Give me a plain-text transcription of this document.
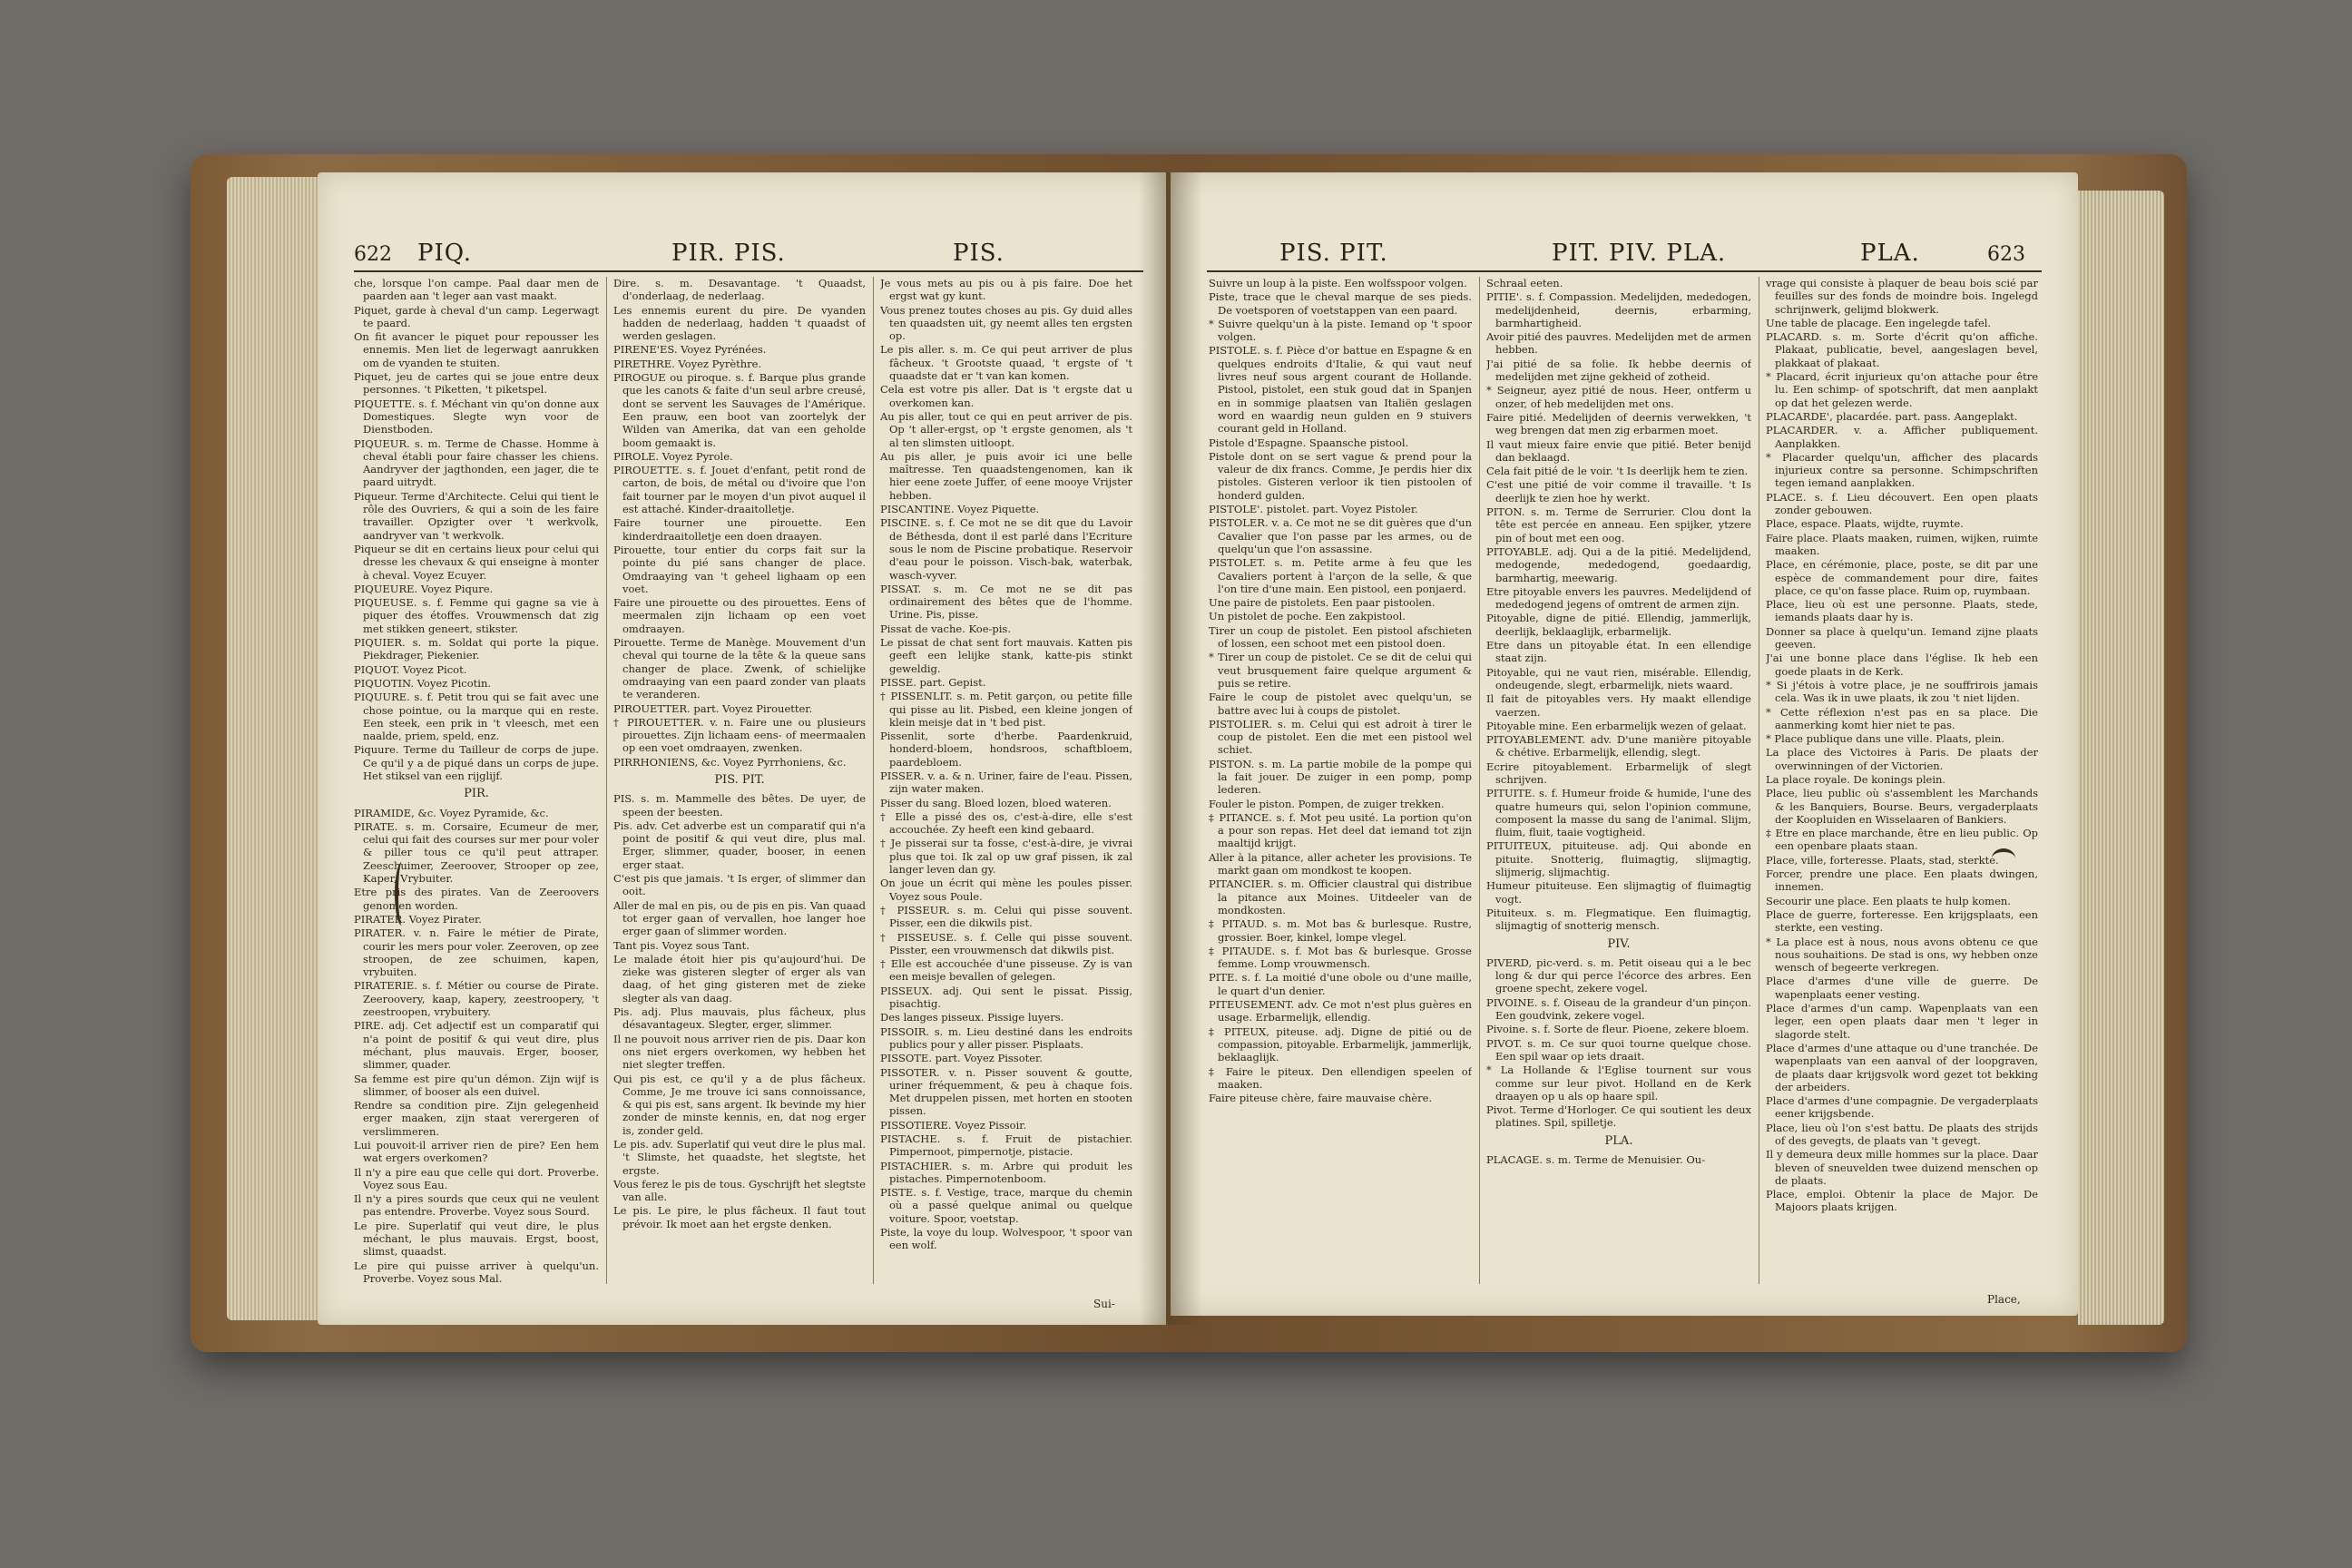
622 PIQ.	PIR. PIS.	PIS.

che, lorsque l'on campe. Paal daar men de paarden aan 't leger aan vast maakt.

Piquet, garde à cheval d'un camp. Legerwagt te paard.

On fit avancer le piquet pour repousser les ennemis. Men liet de legerwagt aanrukken om de vyanden te stuiten.

Piquet, jeu de cartes qui se joue entre deux personnes. 't Piketten, 't piketspel.

PIQUETTE. s. f. Méchant vin qu'on donne aux Domestiques. Slegte wyn voor de Dienstboden.

PIQUEUR. s. m. Terme de Chasse. Homme à cheval établi pour faire chasser les chiens. Aandryver der jagthonden, een jager, die te paard uitrydt.

Piqueur. Terme d'Architecte. Celui qui tient le rôle des Ouvriers, & qui a soin de les faire travailler. Opzigter over 't werkvolk, aandryver van 't werkvolk.

Piqueur se dit en certains lieux pour celui qui dresse les chevaux & qui enseigne à monter à cheval. Voyez Ecuyer.

PIQUEURE. Voyez Piqure.

PIQUEUSE. s. f. Femme qui gagne sa vie à piquer des étoffes. Vrouwmensch dat zig met stikken geneert, stikster.

PIQUIER. s. m. Soldat qui porte la pique. Piekdrager, Piekenier.

PIQUOT. Voyez Picot.

PIQUOTIN. Voyez Picotin.

PIQUURE. s. f. Petit trou qui se fait avec une chose pointue, ou la marque qui en reste. Een steek, een prik in 't vleesch, met een naalde, priem, speld, enz.

Piquure. Terme du Tailleur de corps de jupe. Ce qu'il y a de piqué dans un corps de jupe. Het stiksel van een rijglijf.

PIR.

PIRAMIDE, &c. Voyez Pyramide, &c.

PIRATE. s. m. Corsaire, Ecumeur de mer, celui qui fait des courses sur mer pour voler & piller tous ce qu'il peut attraper. Zeeschuimer, Zeeroover, Strooper op zee, Kaper, Vrybuiter.

Etre pris des pirates. Van de Zeeroovers genomen worden.

PIRATER. Voyez Pirater.

PIRATER. v. n. Faire le métier de Pirate, courir les mers pour voler. Zeeroven, op zee stroopen, de zee schuimen, kapen, vrybuiten.

PIRATERIE. s. f. Métier ou course de Pirate. Zeeroovery, kaap, kapery, zeestroopery, 't zeestroopen, vrybuitery.

PIRE. adj. Cet adjectif est un comparatif qui n'a point de positif & qui veut dire, plus méchant, plus mauvais. Erger, booser, slimmer, quader.

Sa femme est pire qu'un démon. Zijn wijf is slimmer, of booser als een duivel.

Rendre sa condition pire. Zijn gelegenheid erger maaken, zijn staat verergeren of verslimmeren.

Lui pouvoit-il arriver rien de pire? Een hem wat ergers overkomen?

Il n'y a pire eau que celle qui dort. Proverbe. Voyez sous Eau.

Il n'y a pires sourds que ceux qui ne veulent pas entendre. Proverbe. Voyez sous Sourd.

Le pire. Superlatif qui veut dire, le plus méchant, le plus mauvais. Ergst, boost, slimst, quaadst.

Le pire qui puisse arriver à quelqu'un. Proverbe. Voyez sous Mal.

Dire. s. m. Desavantage. 't Quaadst, d'onderlaag, de nederlaag.

Les ennemis eurent du pire. De vyanden hadden de nederlaag, hadden 't quaadst of werden geslagen.

PIRENE'ES. Voyez Pyrénées.

PIRETHRE. Voyez Pyrèthre.

PIROGUE ou piroque. s. f. Barque plus grande que les canots & faite d'un seul arbre creusé, dont se servent les Sauvages de l'Amérique. Een prauw, een boot van zoortelyk der Wilden van Amerika, dat van een geholde boom gemaakt is.

PIROLE. Voyez Pyrole.

PIROUETTE. s. f. Jouet d'enfant, petit rond de carton, de bois, de métal ou d'ivoire que l'on fait tourner par le moyen d'un pivot auquel il est attaché. Kinder-draaitolletje.

Faire tourner une pirouette. Een kinderdraaitolletje een doen draayen.

Pirouette, tour entier du corps fait sur la pointe du pié sans changer de place. Omdraaying van 't geheel lighaam op een voet.

Faire une pirouette ou des pirouettes. Eens of meermalen zijn lichaam op een voet omdraayen.

Pirouette. Terme de Manège. Mouvement d'un cheval qui tourne de la tête & la queue sans changer de place. Zwenk, of schielijke omdraaying van een paard zonder van plaats te veranderen.

PIROUETTER. part. Voyez Pirouetter.

† PIROUETTER. v. n. Faire une ou plusieurs pirouettes. Zijn lichaam eens- of meermaalen op een voet omdraayen, zwenken.

PIRRHONIENS, &c. Voyez Pyrrhoniens, &c.

PIS. PIT.

PIS. s. m. Mammelle des bêtes. De uyer, de speen der beesten.

Pis. adv. Cet adverbe est un comparatif qui n'a point de positif & qui veut dire, plus mal. Erger, slimmer, quader, booser, in eenen erger staat.

C'est pis que jamais. 't Is erger, of slimmer dan ooit.

Aller de mal en pis, ou de pis en pis. Van quaad tot erger gaan of vervallen, hoe langer hoe erger gaan of slimmer worden.

Tant pis. Voyez sous Tant.

Le malade étoit hier pis qu'aujourd'hui. De zieke was gisteren slegter of erger als van daag, of het ging gisteren met de zieke slegter als van daag.

Pis. adj. Plus mauvais, plus fâcheux, plus désavantageux. Slegter, erger, slimmer.

Il ne pouvoit nous arriver rien de pis. Daar kon ons niet ergers overkomen, wy hebben het niet slegter treffen.

Qui pis est, ce qu'il y a de plus fâcheux. Comme, Je me trouve ici sans connoissance, & qui pis est, sans argent. Ik bevinde my hier zonder de minste kennis, en, dat nog erger is, zonder geld.

Le pis. adv. Superlatif qui veut dire le plus mal. 't Slimste, het quaadste, het slegtste, het ergste.

Vous ferez le pis de tous. Gyschrijft het slegtste van alle.

Le pis. Le pire, le plus fâcheux. Il faut tout prévoir. Ik moet aan het ergste denken.

Je vous mets au pis ou à pis faire. Doe het ergst wat gy kunt.

Vous prenez toutes choses au pis. Gy duid alles ten quaadsten uit, gy neemt alles ten ergsten op.

Le pis aller. s. m. Ce qui peut arriver de plus fâcheux. 't Grootste quaad, 't ergste of 't quaadste dat er 't van kan komen.

Cela est votre pis aller. Dat is 't ergste dat u overkomen kan.

Au pis aller, tout ce qui en peut arriver de pis. Op 't aller-ergst, op 't ergste genomen, als 't al ten slimsten uitloopt.

Au pis aller, je puis avoir ici une belle maîtresse. Ten quaadstengenomen, kan ik hier eene zoete Juffer, of eene mooye Vrijster hebben.

PISCANTINE. Voyez Piquette.

PISCINE. s. f. Ce mot ne se dit que du Lavoir de Béthesda, dont il est parlé dans l'Ecriture sous le nom de Piscine probatique. Reservoir d'eau pour le poisson. Visch-bak, waterbak, wasch-vyver.

PISSAT. s. m. Ce mot ne se dit pas ordinairement des bêtes que de l'homme. Urine. Pis, pisse.

Pissat de vache. Koe-pis.

Le pissat de chat sent fort mauvais. Katten pis geeft een lelijke stank, katte-pis stinkt geweldig.

PISSE. part. Gepist.

† PISSENLIT. s. m. Petit garçon, ou petite fille qui pisse au lit. Pisbed, een kleine jongen of klein meisje dat in 't bed pist.

Pissenlit, sorte d'herbe. Paardenkruid, honderd-bloem, hondsroos, schaftbloem, paardebloem.

PISSER. v. a. & n. Uriner, faire de l'eau. Pissen, zijn water maken.

Pisser du sang. Bloed lozen, bloed wateren.

† Elle a pissé des os, c'est-à-dire, elle s'est accouchée. Zy heeft een kind gebaard.

† Je pisserai sur ta fosse, c'est-à-dire, je vivrai plus que toi. Ik zal op uw graf pissen, ik zal langer leven dan gy.

On joue un écrit qui mène les poules pisser. Voyez sous Poule.

† PISSEUR. s. m. Celui qui pisse souvent. Pisser, een die dikwils pist.

† PISSEUSE. s. f. Celle qui pisse souvent. Pisster, een vrouwmensch dat dikwils pist.

† Elle est accouchée d'une pisseuse. Zy is van een meisje bevallen of gelegen.

PISSEUX. adj. Qui sent le pissat. Pissig, pisachtig.

Des langes pisseux. Pissige luyers.

PISSOIR. s. m. Lieu destiné dans les endroits publics pour y aller pisser. Pisplaats.

PISSOTE. part. Voyez Pissoter.

PISSOTER. v. n. Pisser souvent & goutte, uriner fréquemment, & peu à chaque fois. Met druppelen pissen, met horten en stooten pissen.

PISSOTIERE. Voyez Pissoir.

PISTACHE. s. f. Fruit de pistachier. Pimpernoot, pimpernotje, pistacie.

PISTACHIER. s. m. Arbre qui produit les pistaches. Pimpernotenboom.

PISTE. s. f. Vestige, trace, marque du chemin où a passé quelque animal ou quelque voiture. Spoor, voetstap.

Piste, la voye du loup. Wolvespoor, 't spoor van een wolf.

Sui-
PIS. PIT.	PIT. PIV. PLA.	PLA.	623

Suivre un loup à la piste. Een wolfsspoor volgen.

Piste, trace que le cheval marque de ses pieds. De voetsporen of voetstappen van een paard.

* Suivre quelqu'un à la piste. Iemand op 't spoor volgen.

PISTOLE. s. f. Pièce d'or battue en Espagne & en quelques endroits d'Italie, & qui vaut neuf livres neuf sous argent courant de Hollande. Pistool, pistolet, een stuk goud dat in Spanjen en in sommige plaatsen van Italiën geslagen word en waardig neun gulden en 9 stuivers courant geld in Holland.

Pistole d'Espagne. Spaansche pistool.

Pistole dont on se sert vague & prend pour la valeur de dix francs. Comme, Je perdis hier dix pistoles. Gisteren verloor ik tien pistoolen of honderd gulden.

PISTOLE'. pistolet. part. Voyez Pistoler.

PISTOLER. v. a. Ce mot ne se dit guères que d'un Cavalier que l'on passe par les armes, ou de quelqu'un que l'on assassine.

PISTOLET. s. m. Petite arme à feu que les Cavaliers portent à l'arçon de la selle, & que l'on tire d'une main. Een pistool, een ponjaerd.

Une paire de pistolets. Een paar pistoolen.

Un pistolet de poche. Een zakpistool.

Tirer un coup de pistolet. Een pistool afschieten of lossen, een schoot met een pistool doen.

* Tirer un coup de pistolet. Ce se dit de celui qui veut brusquement faire quelque argument & puis se retire.

Faire le coup de pistolet avec quelqu'un, se battre avec lui à coups de pistolet.

PISTOLIER. s. m. Celui qui est adroit à tirer le coup de pistolet. Een die met een pistool wel schiet.

PISTON. s. m. La partie mobile de la pompe qui la fait jouer. De zuiger in een pomp, pomp lederen.

Fouler le piston. Pompen, de zuiger trekken.

‡ PITANCE. s. f. Mot peu usité. La portion qu'on a pour son repas. Het deel dat iemand tot zijn maaltijd krijgt.

Aller à la pitance, aller acheter les provisions. Te markt gaan om mondkost te koopen.

PITANCIER. s. m. Officier claustral qui distribue la pitance aux Moines. Uitdeeler van de mondkosten.

‡ PITAUD. s. m. Mot bas & burlesque. Rustre, grossier. Boer, kinkel, lompe vlegel.

‡ PITAUDE. s. f. Mot bas & burlesque. Grosse femme. Lomp vrouwmensch.

PITE. s. f. La moitié d'une obole ou d'une maille, le quart d'un denier.

PITEUSEMENT. adv. Ce mot n'est plus guères en usage. Erbarmelijk, ellendig.

‡ PITEUX, piteuse. adj. Digne de pitié ou de compassion, pitoyable. Erbarmelijk, jammerlijk, beklaaglijk.

‡ Faire le piteux. Den ellendigen speelen of maaken.

Faire piteuse chère, faire mauvaise chère.

Schraal eeten.

PITIE'. s. f. Compassion. Medelijden, mededogen, medelijdenheid, deernis, erbarming, barmhartigheid.

Avoir pitié des pauvres. Medelijden met de armen hebben.

J'ai pitié de sa folie. Ik hebbe deernis of medelijden met zijne gekheid of zotheid.

* Seigneur, ayez pitié de nous. Heer, ontferm u onzer, of heb medelijden met ons.

Faire pitié. Medelijden of deernis verwekken, 't weg brengen dat men zig erbarmen moet.

Il vaut mieux faire envie que pitié. Beter benijd dan beklaagd.

Cela fait pitié de le voir. 't Is deerlijk hem te zien.

C'est une pitié de voir comme il travaille. 't Is deerlijk te zien hoe hy werkt.

PITON. s. m. Terme de Serrurier. Clou dont la tête est percée en anneau. Een spijker, ytzere pin of bout met een oog.

PITOYABLE. adj. Qui a de la pitié. Medelijdend, medogende, mededogend, goedaardig, barmhartig, meewarig.

Etre pitoyable envers les pauvres. Medelijdend of mededogend jegens of omtrent de armen zijn.

Pitoyable, digne de pitié. Ellendig, jammerlijk, deerlijk, beklaaglijk, erbarmelijk.

Etre dans un pitoyable état. In een ellendige staat zijn.

Pitoyable, qui ne vaut rien, misérable. Ellendig, ondeugende, slegt, erbarmelijk, niets waard.

Il fait de pitoyables vers. Hy maakt ellendige vaerzen.

Pitoyable mine. Een erbarmelijk wezen of gelaat.

PITOYABLEMENT. adv. D'une manière pitoyable & chétive. Erbarmelijk, ellendig, slegt.

Ecrire pitoyablement. Erbarmelijk of slegt schrijven.

PITUITE. s. f. Humeur froide & humide, l'une des quatre humeurs qui, selon l'opinion commune, composent la masse du sang de l'animal. Slijm, fluim, fluit, taaie vogtigheid.

PITUITEUX, pituiteuse. adj. Qui abonde en pituite. Snotterig, fluimagtig, slijmagtig, slijmerig, slijmachtig.

Humeur pituiteuse. Een slijmagtig of fluimagtig vogt.

Pituiteux. s. m. Flegmatique. Een fluimagtig, slijmagtig of snotterig mensch.

PIV.

PIVERD, pic-verd. s. m. Petit oiseau qui a le bec long & dur qui perce l'écorce des arbres. Een groene specht, zekere vogel.

PIVOINE. s. f. Oiseau de la grandeur d'un pinçon. Een goudvink, zekere vogel.

Pivoine. s. f. Sorte de fleur. Pioene, zekere bloem.

PIVOT. s. m. Ce sur quoi tourne quelque chose. Een spil waar op iets draait.

* La Hollande & l'Eglise tournent sur vous comme sur leur pivot. Holland en de Kerk draayen op u als op haare spil.

Pivot. Terme d'Horloger. Ce qui soutient les deux platines. Spil, spilletje.

PLA.

PLACAGE. s. m. Terme de Menuisier. Ou-

vrage qui consiste à plaquer de beau bois scié par feuilles sur des fonds de moindre bois. Ingelegd schrijnwerk, gelijmd blokwerk.

Une table de placage. Een ingelegde tafel.

PLACARD. s. m. Sorte d'écrit qu'on affiche. Plakaat, publicatie, bevel, aangeslagen bevel, plakkaat of plakaat.

* Placard, écrit injurieux qu'on attache pour être lu. Een schimp- of spotschrift, dat men aanplakt op dat het gelezen werde.

PLACARDE', placardée. part. pass. Aangeplakt.

PLACARDER. v. a. Afficher publiquement. Aanplakken.

* Placarder quelqu'un, afficher des placards injurieux contre sa personne. Schimpschriften tegen iemand aanplakken.

PLACE. s. f. Lieu découvert. Een open plaats zonder gebouwen.

Place, espace. Plaats, wijdte, ruymte.

Faire place. Plaats maaken, ruimen, wijken, ruimte maaken.

Place, en cérémonie, place, poste, se dit par une espèce de commandement pour dire, faites place, ce qu'on fasse place. Ruim op, ruymbaan.

Place, lieu où est une personne. Plaats, stede, iemands plaats daar hy is.

Donner sa place à quelqu'un. Iemand zijne plaats geeven.

J'ai une bonne place dans l'église. Ik heb een goede plaats in de Kerk.

* Si j'étois à votre place, je ne souffrirois jamais cela. Was ik in uwe plaats, ik zou 't niet lijden.

* Cette réflexion n'est pas en sa place. Die aanmerking komt hier niet te pas.

* Place publique dans une ville. Plaats, plein.

La place des Victoires à Paris. De plaats der overwinningen of der Victorien.

La place royale. De konings plein.

Place, lieu public où s'assemblent les Marchands & les Banquiers, Bourse. Beurs, vergaderplaats der Koopluiden en Wisselaaren of Bankiers.

‡ Etre en place marchande, être en lieu public. Op een openbare plaats staan.

Place, ville, forteresse. Plaats, stad, sterkte.

Forcer, prendre une place. Een plaats dwingen, innemen.

Secourir une place. Een plaats te hulp komen.

Place de guerre, forteresse. Een krijgsplaats, een sterkte, een vesting.

* La place est à nous, nous avons obtenu ce que nous souhaitions. De stad is ons, wy hebben onze wensch of begeerte verkregen.

Place d'armes d'une ville de guerre. De wapenplaats eener vesting.

Place d'armes d'un camp. Wapenplaats van een leger, een open plaats daar men 't leger in slagorde stelt.

Place d'armes d'une attaque ou d'une tranchée. De wapenplaats van een aanval of der loopgraven, de plaats daar krijgsvolk word gezet tot bekking der arbeiders.

Place d'armes d'une compagnie. De vergaderplaats eener krijgsbende.

Place, lieu où l'on s'est battu. De plaats des strijds of des gevegts, de plaats van 't gevegt.

Il y demeura deux mille hommes sur la place. Daar bleven of sneuvelden twee duizend menschen op de plaats.

Place, emploi. Obtenir la place de Major. De Majoors plaats krijgen.

Place,
